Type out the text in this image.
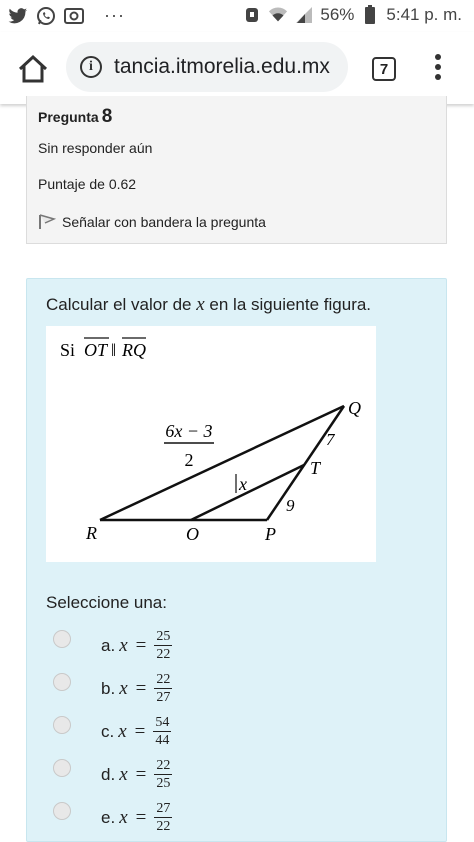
···	56% 5:41 p. m.
i	tancia.itmorelia.edu.mx	7
Pregunta 8
Sin responder aún
Puntaje de 0.62
Señalar con bandera la pregunta
Calcular el valor de x en la siguiente figura.
Si OT ‖ RQ
6x − 3
2
x
7
9
Q
T
R	O	P
Seleccione una:
a. $x = \frac{25}{22}$
b. $x = \frac{22}{27}$
c. $x = \frac{54}{44}$
d. $x = \frac{22}{25}$
e. $x = \frac{27}{22}$
